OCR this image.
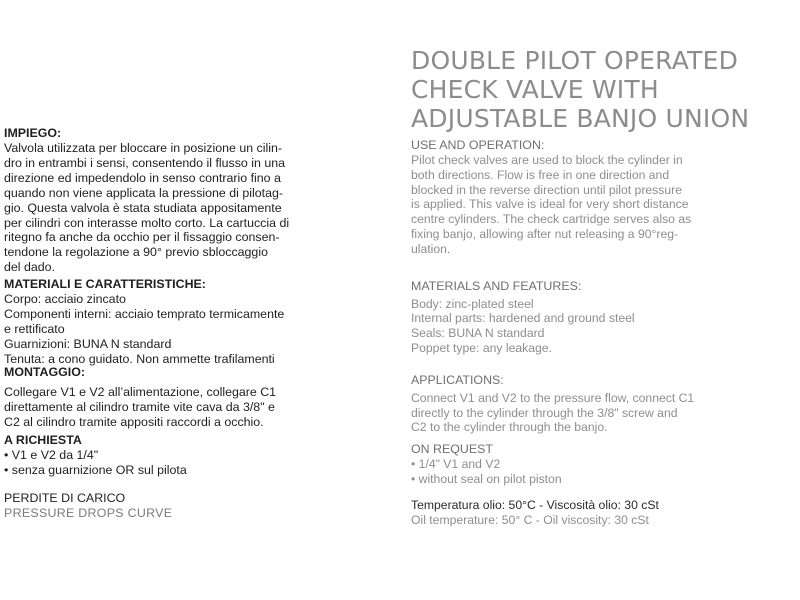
IMPIEGO:

Valvola utilizzata per bloccare in posizione un cilin-

dro in entrambi i sensi, consentendo il flusso in una

direzione ed impedendolo in senso contrario fino a

quando non viene applicata la pressione di pilotag-

gio. Questa valvola è stata studiata appositamente

per cilindri con interasse molto corto. La cartuccia di

ritegno fa anche da occhio per il fissaggio consen-

tendone la regolazione a 90° previo sbloccaggio

del dado.

MATERIALI E CARATTERISTICHE:

Corpo: acciaio zincato

Componenti interni: acciaio temprato termicamente

e rettificato

Guarnizioni: BUNA N standard

Tenuta: a cono guidato. Non ammette trafilamenti

MONTAGGIO:

Collegare V1 e V2 all’alimentazione, collegare C1

direttamente al cilindro tramite vite cava da 3/8" e

C2 al cilindro tramite appositi raccordi a occhio.

A RICHIESTA
• V1 e V2 da 1/4"
• senza guarnizione OR sul pilota

PERDITE DI CARICO

PRESSURE DROPS CURVE

DOUBLE PILOT OPERATED
CHECK VALVE WITH
ADJUSTABLE BANJO UNION
USE AND OPERATION:

Pilot check valves are used to block the cylinder in

both directions. Flow is free in one direction and

blocked in the reverse direction until pilot pressure

is applied. This valve is ideal for very short distance

centre cylinders. The check cartridge serves also as

fixing banjo, allowing after nut releasing a 90°reg-

ulation.

MATERIALS AND FEATURES:

Body: zinc-plated steel

Internal parts: hardened and ground steel

Seals: BUNA N standard

Poppet type: any leakage.

APPLICATIONS:

Connect V1 and V2 to the pressure flow, connect C1

directly to the cylinder through the 3/8" screw and

C2 to the cylinder through the banjo.

ON REQUEST
• 1/4" V1 and V2
• without seal on pilot piston

Temperatura olio: 50°C - Viscosità olio: 30 cSt

Oil temperature: 50° C - Oil viscosity: 30 cSt
